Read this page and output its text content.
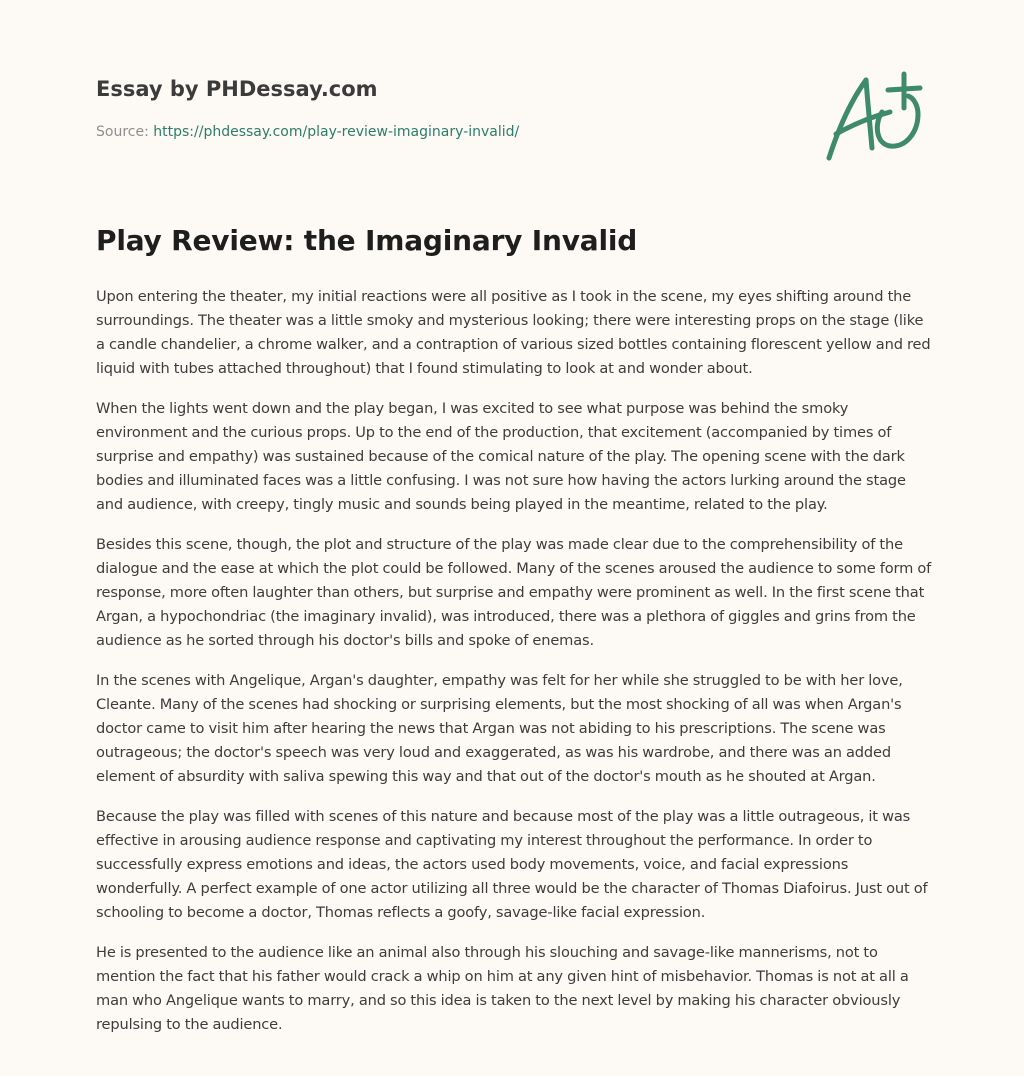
Essay by PHDessay.com
Source: https://phdessay.com/play-review-imaginary-invalid/
Play Review: the Imaginary Invalid

Upon entering the theater, my initial reactions were all positive as I took in the scene, my eyes shifting around the surroundings. The theater was a little smoky and mysterious looking; there were interesting props on the stage (like a candle chandelier, a chrome walker, and a contraption of various sized bottles containing florescent yellow and red liquid with tubes attached throughout) that I found stimulating to look at and wonder about.

When the lights went down and the play began, I was excited to see what purpose was behind the smoky environment and the curious props. Up to the end of the production, that excitement (accompanied by times of surprise and empathy) was sustained because of the comical nature of the play. The opening scene with the dark bodies and illuminated faces was a little confusing. I was not sure how having the actors lurking around the stage and audience, with creepy, tingly music and sounds being played in the meantime, related to the play.

Besides this scene, though, the plot and structure of the play was made clear due to the comprehensibility of the dialogue and the ease at which the plot could be followed. Many of the scenes aroused the audience to some form of response, more often laughter than others, but surprise and empathy were prominent as well. In the first scene that Argan, a hypochondriac (the imaginary invalid), was introduced, there was a plethora of giggles and grins from the audience as he sorted through his doctor's bills and spoke of enemas.

In the scenes with Angelique, Argan's daughter, empathy was felt for her while she struggled to be with her love, Cleante. Many of the scenes had shocking or surprising elements, but the most shocking of all was when Argan's doctor came to visit him after hearing the news that Argan was not abiding to his prescriptions. The scene was outrageous; the doctor's speech was very loud and exaggerated, as was his wardrobe, and there was an added element of absurdity with saliva spewing this way and that out of the doctor's mouth as he shouted at Argan.

Because the play was filled with scenes of this nature and because most of the play was a little outrageous, it was effective in arousing audience response and captivating my interest throughout the performance. In order to successfully express emotions and ideas, the actors used body movements, voice, and facial expressions wonderfully. A perfect example of one actor utilizing all three would be the character of Thomas Diafoirus. Just out of schooling to become a doctor, Thomas reflects a goofy, savage-like facial expression.

He is presented to the audience like an animal also through his slouching and savage-like mannerisms, not to mention the fact that his father would crack a whip on him at any given hint of misbehavior. Thomas is not at all a man who Angelique wants to marry, and so this idea is taken to the next level by making his character obviously repulsing to the audience.
